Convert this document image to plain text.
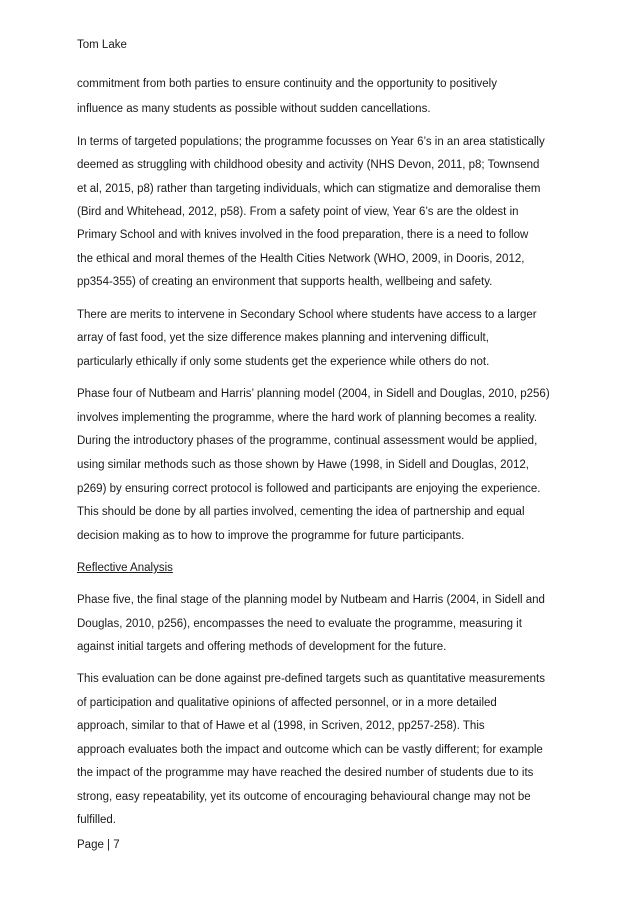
Tom Lake
commitment from both parties to ensure continuity and the opportunity to positively
influence as many students as possible without sudden cancellations.
In terms of targeted populations; the programme focusses on Year 6’s in an area statistically
deemed as struggling with childhood obesity and activity (NHS Devon, 2011, p8; Townsend
et al, 2015, p8) rather than targeting individuals, which can stigmatize and demoralise them
(Bird and Whitehead, 2012, p58). From a safety point of view, Year 6’s are the oldest in
Primary School and with knives involved in the food preparation, there is a need to follow
the ethical and moral themes of the Health Cities Network (WHO, 2009, in Dooris, 2012,
pp354-355) of creating an environment that supports health, wellbeing and safety.
There are merits to intervene in Secondary School where students have access to a larger
array of fast food, yet the size difference makes planning and intervening difficult,
particularly ethically if only some students get the experience while others do not.
Phase four of Nutbeam and Harris’ planning model (2004, in Sidell and Douglas, 2010, p256)
involves implementing the programme, where the hard work of planning becomes a reality.
During the introductory phases of the programme, continual assessment would be applied,
using similar methods such as those shown by Hawe (1998, in Sidell and Douglas, 2012,
p269) by ensuring correct protocol is followed and participants are enjoying the experience.
This should be done by all parties involved, cementing the idea of partnership and equal
decision making as to how to improve the programme for future participants.
Reflective Analysis
Phase five, the final stage of the planning model by Nutbeam and Harris (2004, in Sidell and
Douglas, 2010, p256), encompasses the need to evaluate the programme, measuring it
against initial targets and offering methods of development for the future.
This evaluation can be done against pre-defined targets such as quantitative measurements
of participation and qualitative opinions of affected personnel, or in a more detailed
approach, similar to that of Hawe et al (1998, in Scriven, 2012, pp257-258). This
approach evaluates both the impact and outcome which can be vastly different; for example
the impact of the programme may have reached the desired number of students due to its
strong, easy repeatability, yet its outcome of encouraging behavioural change may not be
fulfilled.
Page | 7
